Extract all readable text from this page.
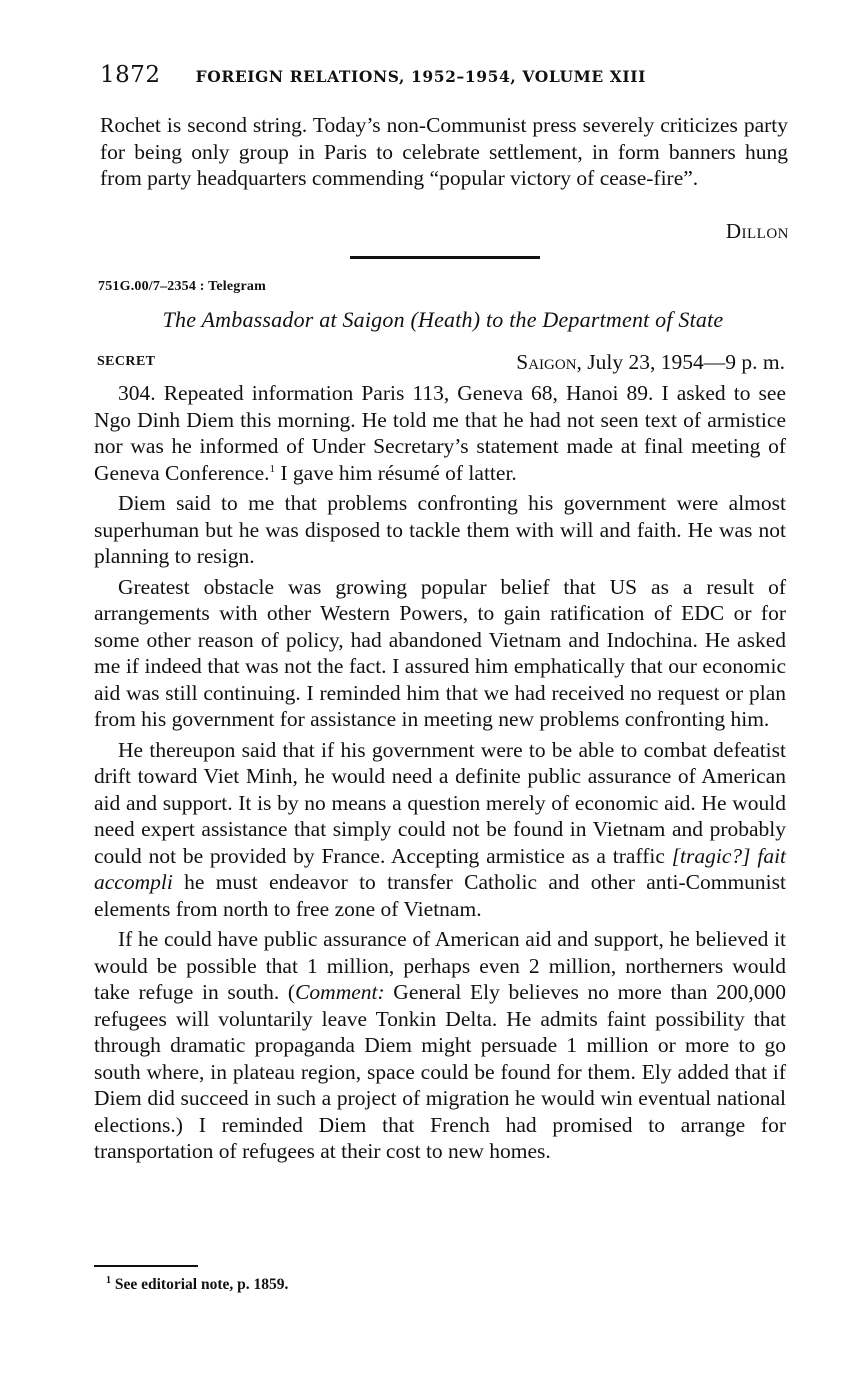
1872 FOREIGN RELATIONS, 1952–1954, VOLUME XIII

Rochet is second string. Today’s non-Communist press severely criticizes party for being only group in Paris to celebrate settlement, in form banners hung from party headquarters commending “popular victory of cease-fire”.

Dillon
751G.00/7–2354 : Telegram
The Ambassador at Saigon (Heath) to the Department of State
SECRET	Saigon, July 23, 1954—9 p. m.

304. Repeated information Paris 113, Geneva 68, Hanoi 89. I asked to see Ngo Dinh Diem this morning. He told me that he had not seen text of armistice nor was he informed of Under Secretary’s statement made at final meeting of Geneva Conference.$^1$ I gave him résumé of latter.

Diem said to me that problems confronting his government were almost superhuman but he was disposed to tackle them with will and faith. He was not planning to resign.

Greatest obstacle was growing popular belief that US as a result of arrangements with other Western Powers, to gain ratification of EDC or for some other reason of policy, had abandoned Vietnam and Indochina. He asked me if indeed that was not the fact. I assured him emphatically that our economic aid was still continuing. I reminded him that we had received no request or plan from his government for assistance in meeting new problems confronting him.

He thereupon said that if his government were to be able to combat defeatist drift toward Viet Minh, he would need a definite public assurance of American aid and support. It is by no means a question merely of economic aid. He would need expert assistance that simply could not be found in Vietnam and probably could not be provided by France. Accepting armistice as a traffic [tragic?] fait accompli he must endeavor to transfer Catholic and other anti-Communist elements from north to free zone of Vietnam.

If he could have public assurance of American aid and support, he believed it would be possible that 1 million, perhaps even 2 million, northerners would take refuge in south. (Comment: General Ely believes no more than 200,000 refugees will voluntarily leave Tonkin Delta. He admits faint possibility that through dramatic propaganda Diem might persuade 1 million or more to go south where, in plateau region, space could be found for them. Ely added that if Diem did succeed in such a project of migration he would win eventual national elections.) I reminded Diem that French had promised to arrange for transportation of refugees at their cost to new homes.

$^1$ See editorial note, p. 1859.
